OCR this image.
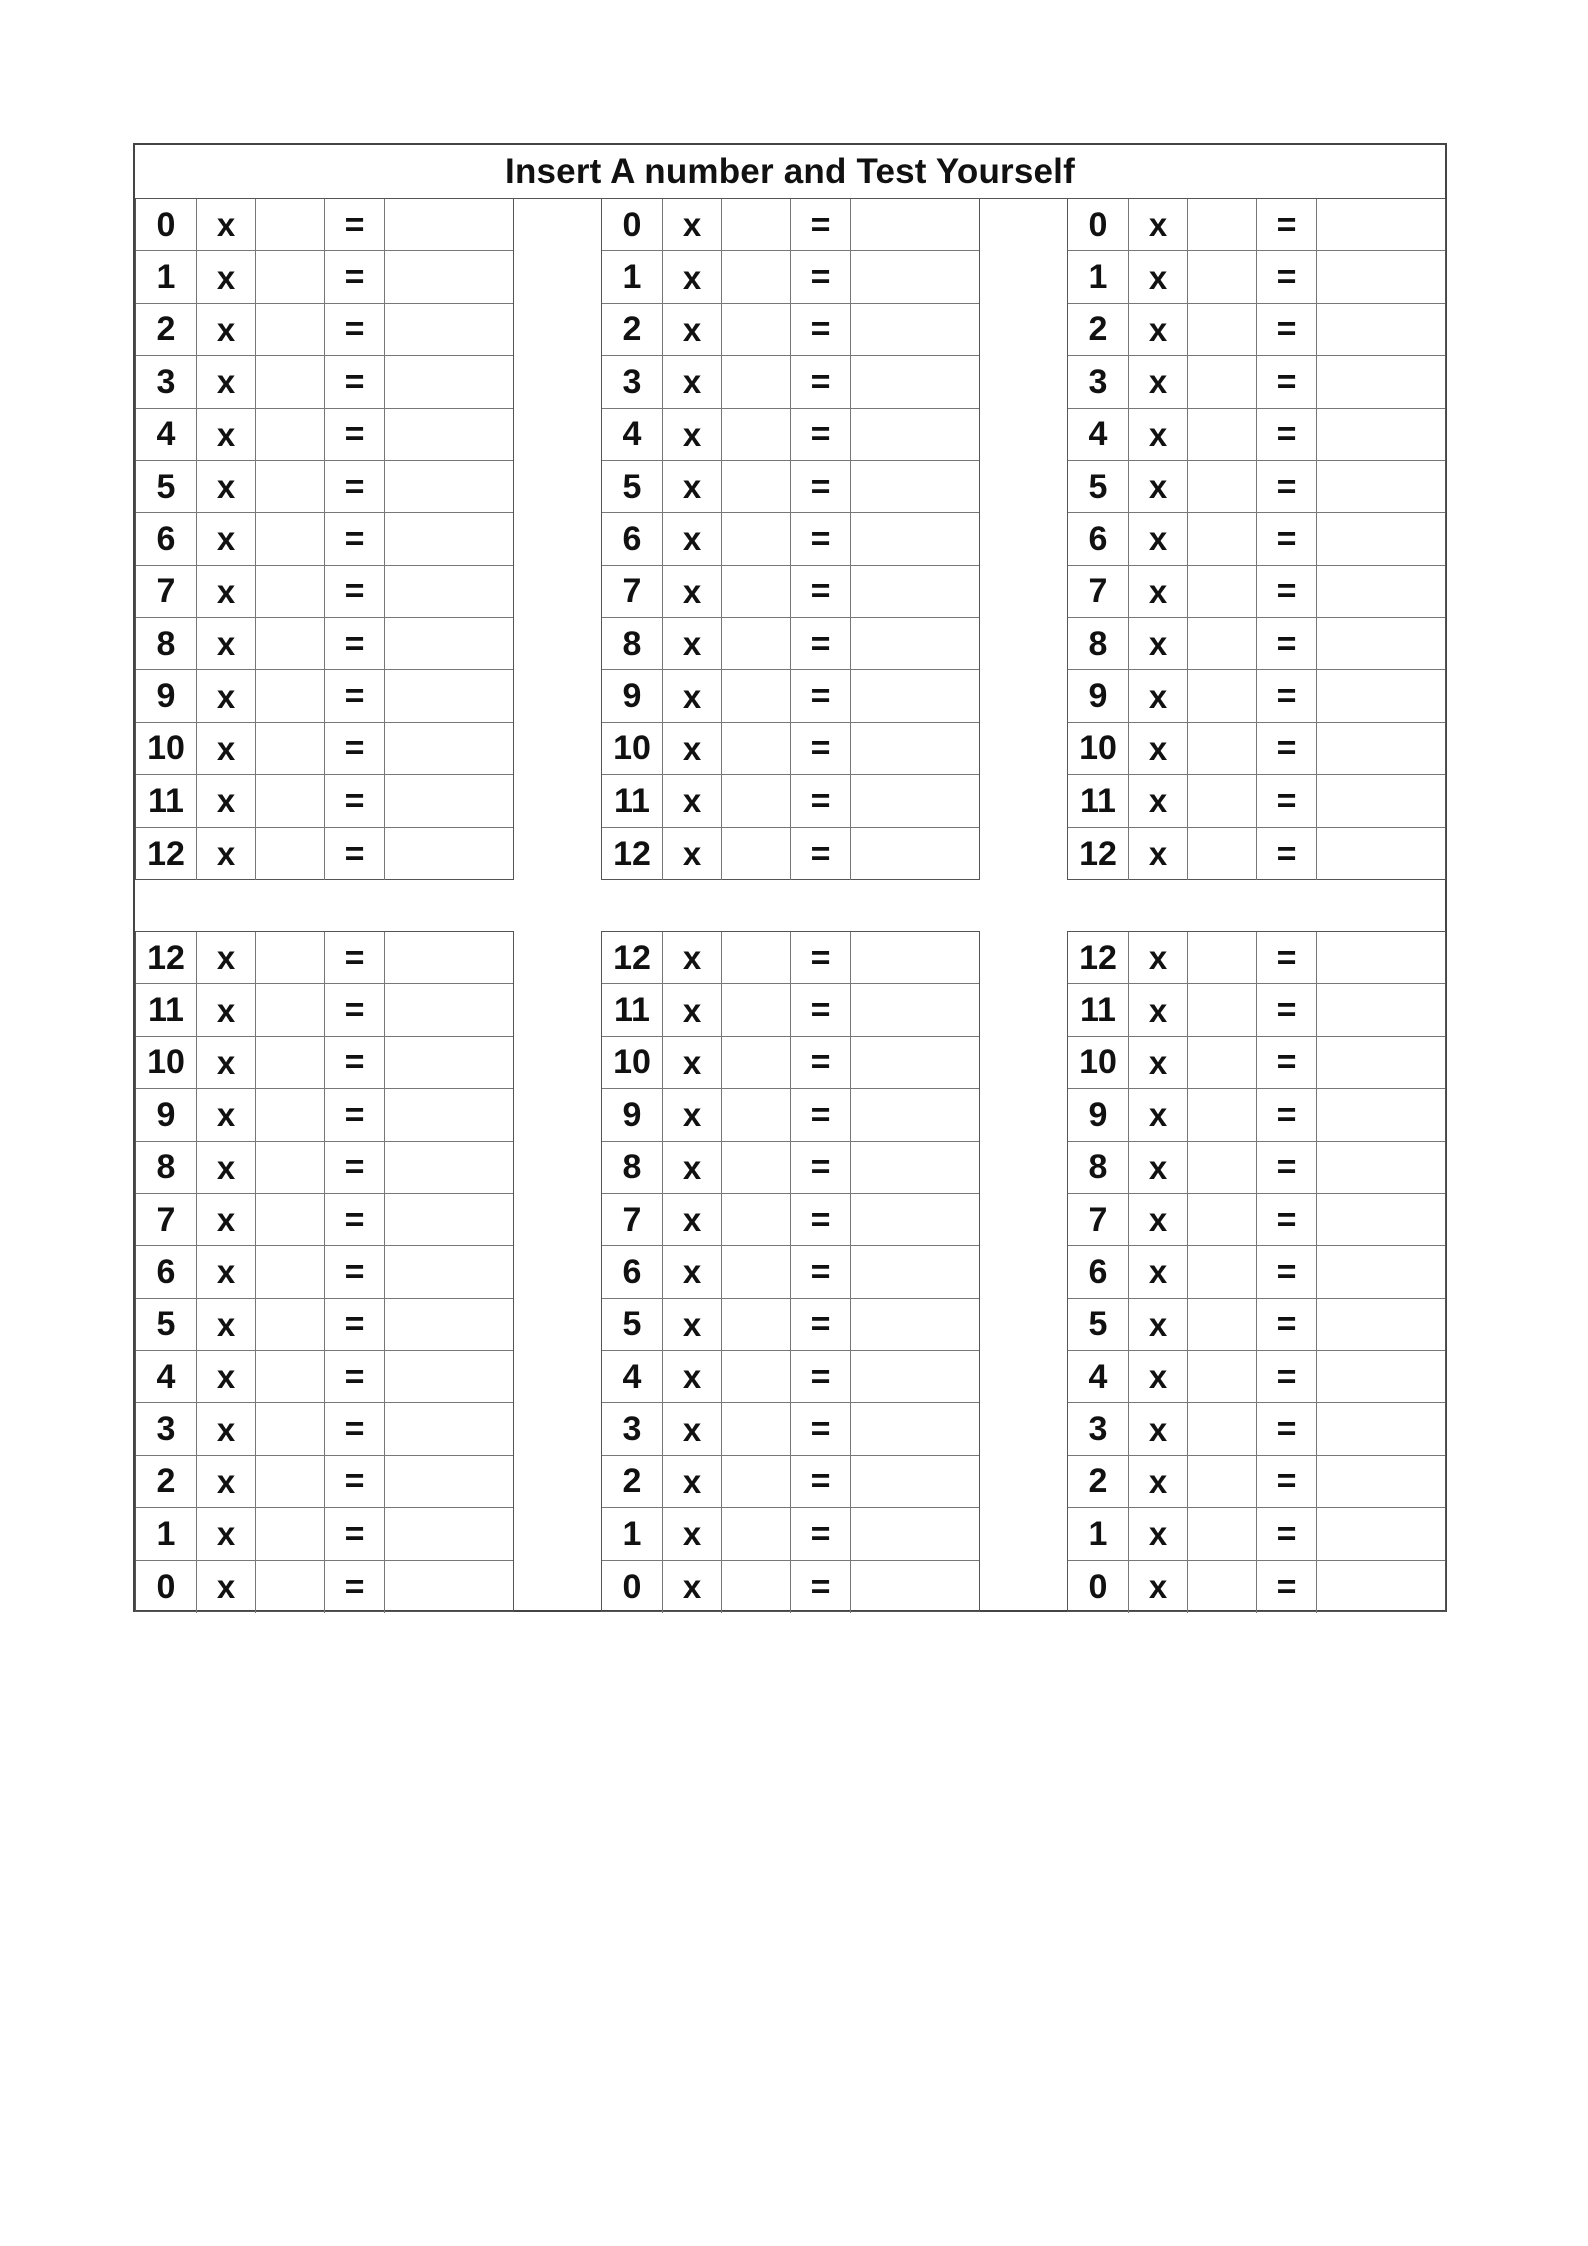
Insert A number and Test Yourself
0	x	=
1	x	=
2	x	=
3	x	=
4	x	=
5	x	=
6	x	=
7	x	=
8	x	=
9	x	=
10 x	=
11 x	=
12 x	=
0	x	=
1	x	=
2	x	=
3	x	=
4	x	=
5	x	=
6	x	=
7	x	=
8	x	=
9	x	=
10 x	=
11 x	=
12 x	=
0	x	=
1	x	=
2	x	=
3	x	=
4	x	=
5	x	=
6	x	=
7	x	=
8	x	=
9	x	=
10 x	=
11 x	=
12 x	=
12 x	=
11 x	=
10 x	=
9	x	=
8	x	=
7	x	=
6	x	=
5	x	=
4	x	=
3	x	=
2	x	=
1	x	=
0	x	=
12 x	=
11 x	=
10 x	=
9	x	=
8	x	=
7	x	=
6	x	=
5	x	=
4	x	=
3	x	=
2	x	=
1	x	=
0	x	=
12 x	=
11 x	=
10 x	=
9	x	=
8	x	=
7	x	=
6	x	=
5	x	=
4	x	=
3	x	=
2	x	=
1	x	=
0	x	=
